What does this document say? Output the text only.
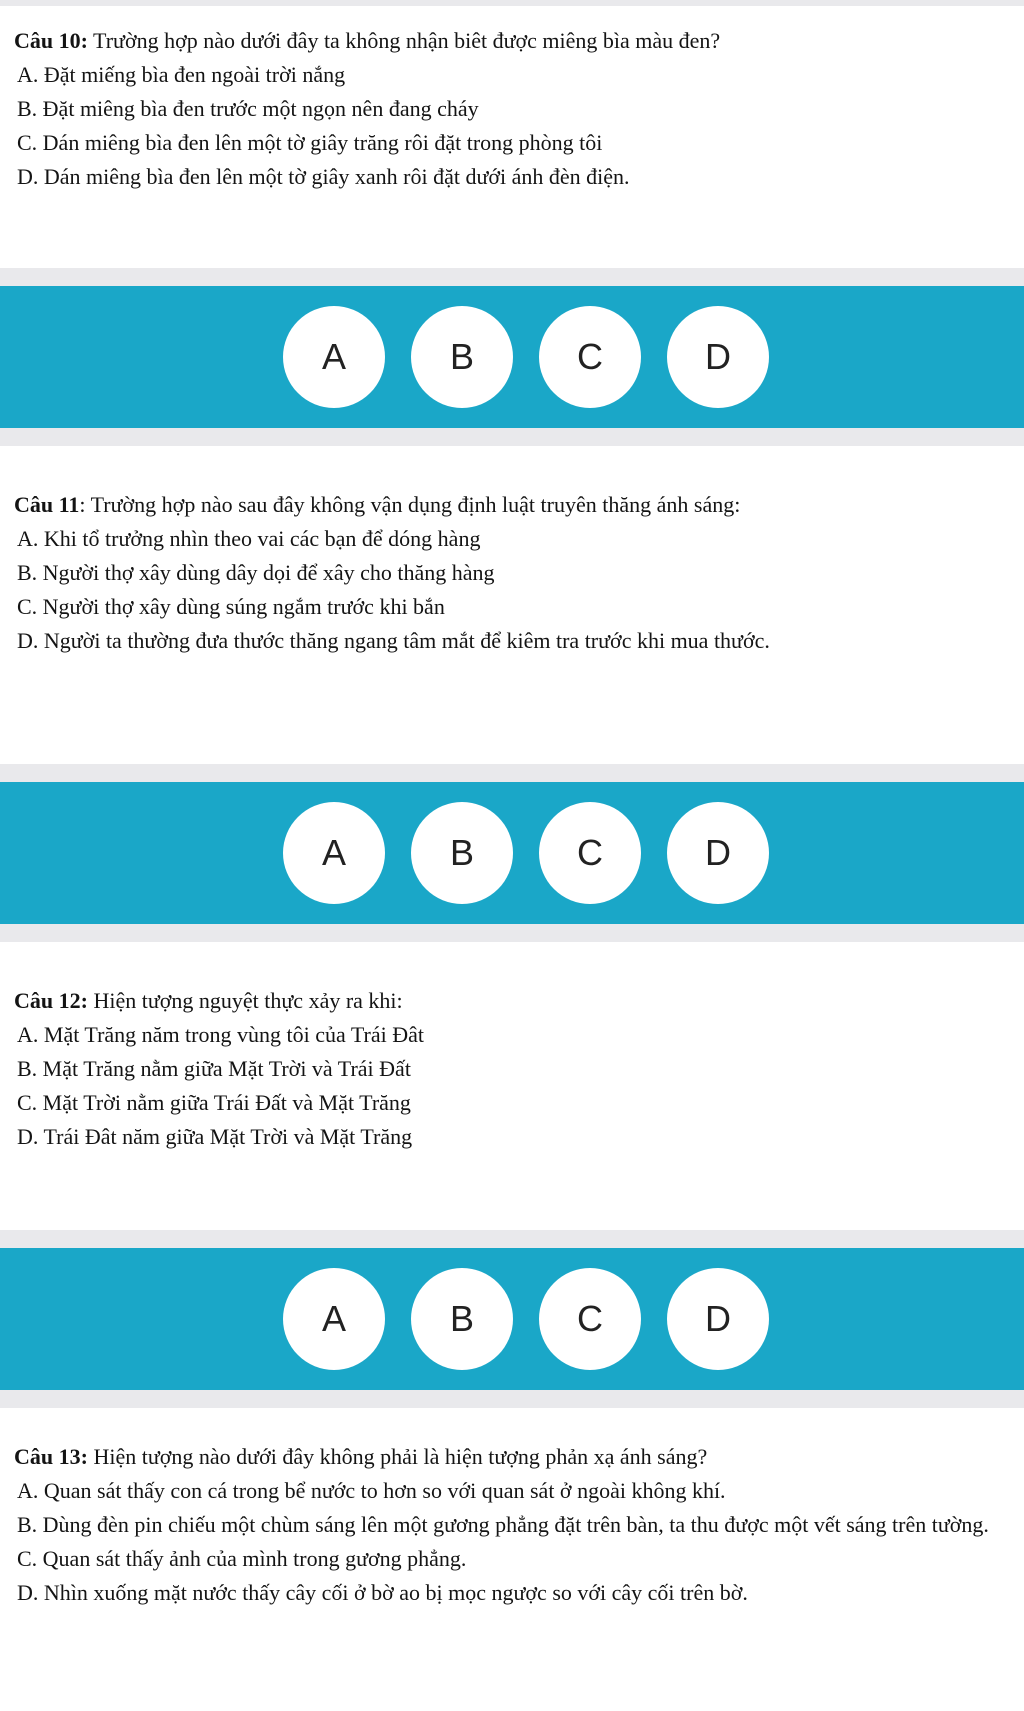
Câu 10: Trường hợp nào dưới đây ta không nhận biêt được miêng bìa màu đen?

A. Đặt miếng bìa đen ngoài trời nắng

B. Đặt miêng bìa đen trước một ngọn nên đang cháy

C. Dán miêng bìa đen lên một tờ giây trăng rôi đặt trong phòng tôi

D. Dán miêng bìa đen lên một tờ giây xanh rôi đặt dưới ánh đèn điện.

A	B	C	D

Câu 11: Trường hợp nào sau đây không vận dụng định luật truyên thăng ánh sáng:

A. Khi tổ trưởng nhìn theo vai các bạn để dóng hàng

B. Người thợ xây dùng dây dọi để xây cho thăng hàng

C. Người thợ xây dùng súng ngắm trước khi bắn

D. Người ta thường đưa thước thăng ngang tâm mắt để kiêm tra trước khi mua thước.

A	B	C	D

Câu 12: Hiện tượng nguyệt thực xảy ra khi:

A. Mặt Trăng năm trong vùng tôi của Trái Đât

B. Mặt Trăng nằm giữa Mặt Trời và Trái Đất

C. Mặt Trời nằm giữa Trái Đất và Mặt Trăng

D. Trái Đât năm giữa Mặt Trời và Mặt Trăng

A	B	C	D

Câu 13: Hiện tượng nào dưới đây không phải là hiện tượng phản xạ ánh sáng?

A. Quan sát thấy con cá trong bể nước to hơn so với quan sát ở ngoài không khí.

B. Dùng đèn pin chiếu một chùm sáng lên một gương phẳng đặt trên bàn, ta thu được một vết sáng trên tường.

C. Quan sát thấy ảnh của mình trong gương phẳng.

D. Nhìn xuống mặt nước thấy cây cối ở bờ ao bị mọc ngược so với cây cối trên bờ.
